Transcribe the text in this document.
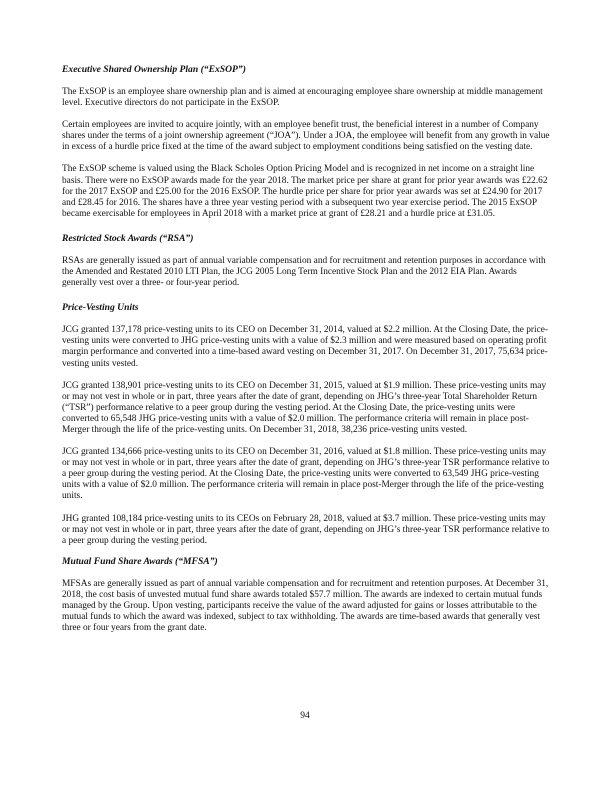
Executive Shared Ownership Plan (“ExSOP”)

The ExSOP is an employee share ownership plan and is aimed at encouraging employee share ownership at middle management level. Executive directors do not participate in the ExSOP.

Certain employees are invited to acquire jointly, with an employee benefit trust, the beneficial interest in a number of Company shares under the terms of a joint ownership agreement (“JOA”). Under a JOA, the employee will benefit from any growth in value in excess of a hurdle price fixed at the time of the award subject to employment conditions being satisfied on the vesting date.

The ExSOP scheme is valued using the Black Scholes Option Pricing Model and is recognized in net income on a straight line basis. There were no ExSOP awards made for the year 2018. The market price per share at grant for prior year awards was £22.62 for the 2017 ExSOP and £25.00 for the 2016 ExSOP. The hurdle price per share for prior year awards was set at £24.90 for 2017 and £28.45 for 2016. The shares have a three year vesting period with a subsequent two year exercise period. The 2015 ExSOP became exercisable for employees in April 2018 with a market price at grant of £28.21 and a hurdle price at £31.05.

Restricted Stock Awards (“RSA”)

RSAs are generally issued as part of annual variable compensation and for recruitment and retention purposes in accordance with the Amended and Restated 2010 LTI Plan, the JCG 2005 Long Term Incentive Stock Plan and the 2012 EIA Plan. Awards generally vest over a three- or four-year period.

Price-Vesting Units

JCG granted 137,178 price-vesting units to its CEO on December 31, 2014, valued at $2.2 million. At the Closing Date, the price-vesting units were converted to JHG price-vesting units with a value of $2.3 million and were measured based on operating profit margin performance and converted into a time-based award vesting on December 31, 2017. On December 31, 2017, 75,634 price-vesting units vested.

JCG granted 138,901 price-vesting units to its CEO on December 31, 2015, valued at $1.9 million. These price-vesting units may or may not vest in whole or in part, three years after the date of grant, depending on JHG’s three-year Total Shareholder Return (“TSR”) performance relative to a peer group during the vesting period. At the Closing Date, the price-vesting units were converted to 65,548 JHG price-vesting units with a value of $2.0 million. The performance criteria will remain in place post-Merger through the life of the price-vesting units. On December 31, 2018, 38,236 price-vesting units vested.

JCG granted 134,666 price-vesting units to its CEO on December 31, 2016, valued at $1.8 million. These price-vesting units may or may not vest in whole or in part, three years after the date of grant, depending on JHG’s three-year TSR performance relative to a peer group during the vesting period. At the Closing Date, the price-vesting units were converted to 63,549 JHG price-vesting units with a value of $2.0 million. The performance criteria will remain in place post-Merger through the life of the price-vesting units.

JHG granted 108,184 price-vesting units to its CEOs on February 28, 2018, valued at $3.7 million. These price-vesting units may or may not vest in whole or in part, three years after the date of grant, depending on JHG’s three-year TSR performance relative to a peer group during the vesting period.

Mutual Fund Share Awards (“MFSA”)

MFSAs are generally issued as part of annual variable compensation and for recruitment and retention purposes. At December 31, 2018, the cost basis of unvested mutual fund share awards totaled $57.7 million. The awards are indexed to certain mutual funds managed by the Group. Upon vesting, participants receive the value of the award adjusted for gains or losses attributable to the mutual funds to which the award was indexed, subject to tax withholding. The awards are time-based awards that generally vest three or four years from the grant date.

94
